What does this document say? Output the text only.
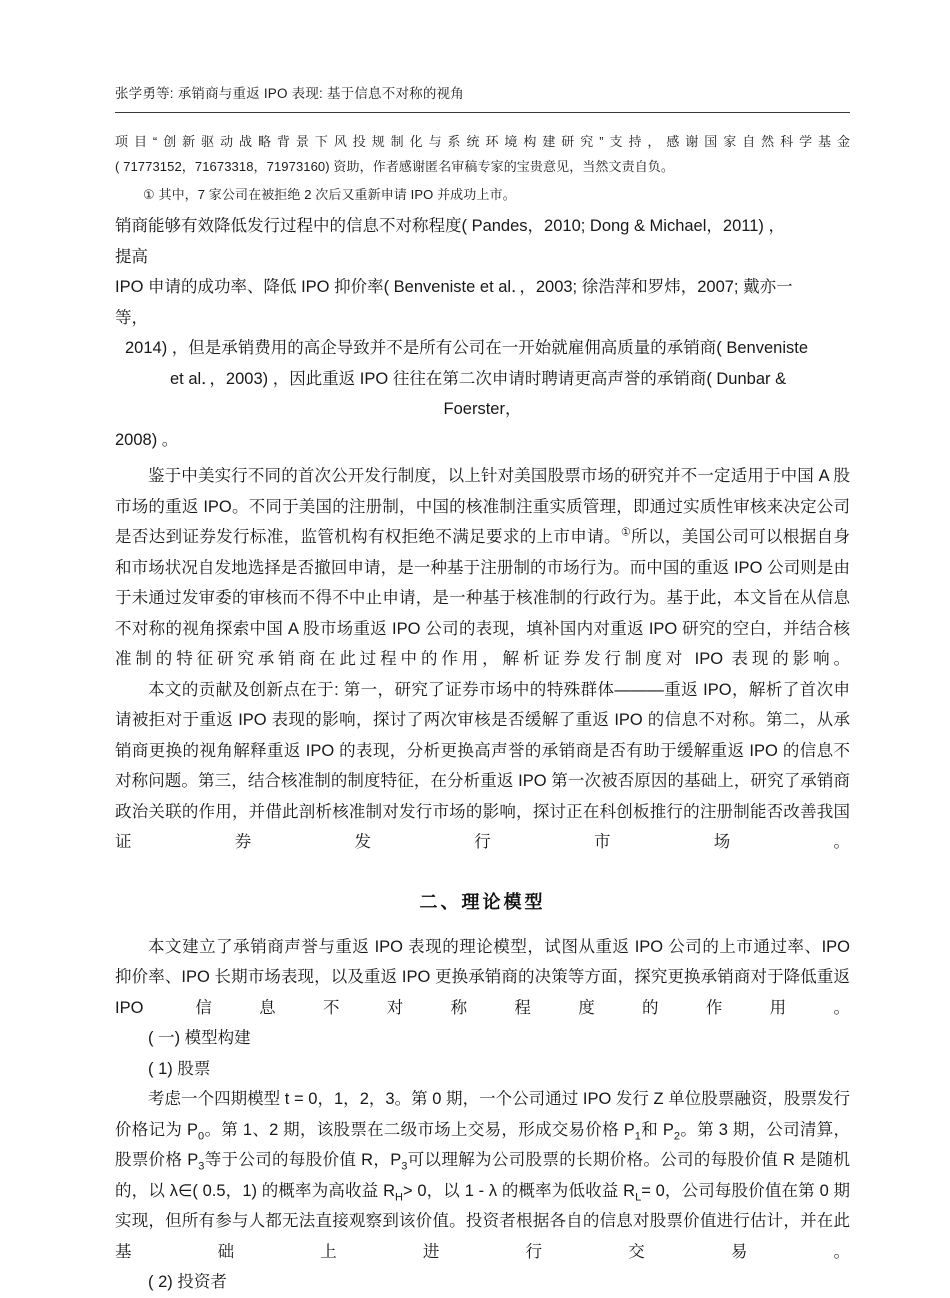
张学勇等: 承销商与重返 IPO 表现: 基于信息不对称的视角
项目“创新驱动战略背景下风投规制化与系统环境构建研究”支持，感谢国家自然科学基金
( 71773152，71673318，71973160) 资助，作者感谢匿名审稿专家的宝贵意见，当然文责自负。
① 其中，7 家公司在被拒绝 2 次后又重新申请 IPO 并成功上市。
销商能够有效降低发行过程中的信息不对称程度( Pandes，2010; Dong & Michael，2011) ，
提高
IPO 申请的成功率、降低 IPO 抑价率( Benveniste et al．，2003; 徐浩萍和罗炜，2007; 戴亦一
等，
2014) ，但是承销费用的高企导致并不是所有公司在一开始就雇佣高质量的承销商( Benveniste
et al．，2003) ，因此重返 IPO 往往在第二次申请时聘请更高声誉的承销商( Dunbar &
Foerster，
2008) 。

鉴于中美实行不同的首次公开发行制度，以上针对美国股票市场的研究并不一定适用于中国 A 股市场的重返 IPO。不同于美国的注册制，中国的核准制注重实质管理，即通过实质性审核来决定公司是否达到证券发行标准，监管机构有权拒绝不满足要求的上市申请。①所以，美国公司可以根据自身和市场状况自发地选择是否撤回申请，是一种基于注册制的市场行为。而中国的重返 IPO 公司则是由于未通过发审委的审核而不得不中止申请，是一种基于核准制的行政行为。基于此，本文旨在从信息不对称的视角探索中国 A 股市场重返 IPO 公司的表现，填补国内对重返 IPO 研究的空白，并结合核准制的特征研究承销商在此过程中的作用，解析证券发行制度对 IPO 表现的影响。

本文的贡献及创新点在于: 第一，研究了证券市场中的特殊群体———重返 IPO，解析了首次申请被拒对于重返 IPO 表现的影响，探讨了两次审核是否缓解了重返 IPO 的信息不对称。第二，从承销商更换的视角解释重返 IPO 的表现，分析更换高声誉的承销商是否有助于缓解重返 IPO 的信息不对称问题。第三，结合核准制的制度特征，在分析重返 IPO 第一次被否原因的基础上，研究了承销商政治关联的作用，并借此剖析核准制对发行市场的影响，探讨正在科创板推行的注册制能否改善我国证券发行市场。

二、理论模型

本文建立了承销商声誉与重返 IPO 表现的理论模型，试图从重返 IPO 公司的上市通过率、IPO 抑价率、IPO 长期市场表现，以及重返 IPO 更换承销商的决策等方面，探究更换承销商对于降低重返 IPO 信息不对称程度的作用。

( 一) 模型构建

( 1) 股票

考虑一个四期模型 t = 0，1，2，3。第 0 期，一个公司通过 IPO 发行 Z 单位股票融资，股票发行价格记为 $P_0$。第 1、2 期，该股票在二级市场上交易，形成交易价格 $P_1$和 $P_2$。第 3 期，公司清算，股票价格 $P_3$等于公司的每股价值 R，$P_3$可以理解为公司股票的长期价格。公司的每股价值 R 是随机的，以 λ∈( 0.5，1) 的概率为高收益 $R_H> 0$，以 1 - λ 的概率为低收益 $R_L= 0$，公司每股价值在第 0 期实现，但所有参与人都无法直接观察到该价值。投资者根据各自的信息对股票价值进行估计，并在此基础上进行交易。

( 2) 投资者
